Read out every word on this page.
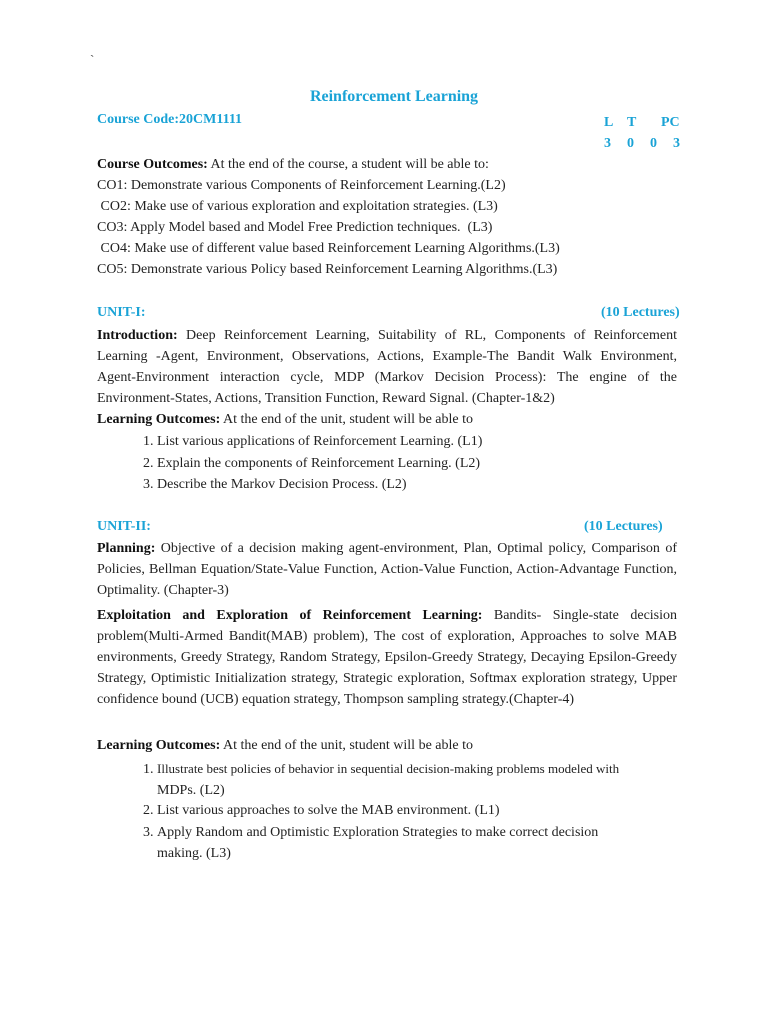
`
Reinforcement Learning
Course Code:20CM1111	L T PC
3 0 0 3
Course Outcomes: At the end of the course, a student will be able to:
CO1: Demonstrate various Components of Reinforcement Learning.(L2)
CO2: Make use of various exploration and exploitation strategies. (L3)
CO3: Apply Model based and Model Free Prediction techniques.  (L3)
CO4: Make use of different value based Reinforcement Learning Algorithms.(L3)
CO5: Demonstrate various Policy based Reinforcement Learning Algorithms.(L3)
UNIT-I:	(10 Lectures)
Introduction: Deep Reinforcement Learning, Suitability of RL, Components of Reinforcement Learning -Agent, Environment, Observations, Actions, Example-The Bandit Walk Environment, Agent-Environment interaction cycle, MDP (Markov Decision Process): The engine of the Environment-States, Actions, Transition Function, Reward Signal. (Chapter-1&2)
Learning Outcomes: At the end of the unit, student will be able to
1. List various applications of Reinforcement Learning. (L1)
2. Explain the components of Reinforcement Learning. (L2)
3. Describe the Markov Decision Process. (L2)
UNIT-II:	(10 Lectures)
Planning: Objective of a decision making agent-environment, Plan, Optimal policy, Comparison of Policies, Bellman Equation/State-Value Function, Action-Value Function, Action-Advantage Function, Optimality. (Chapter-3)
Exploitation and Exploration of Reinforcement Learning: Bandits- Single-state decision problem(Multi-Armed Bandit(MAB) problem), The cost of exploration, Approaches to solve MAB environments, Greedy Strategy, Random Strategy, Epsilon-Greedy Strategy, Decaying Epsilon-Greedy Strategy, Optimistic Initialization strategy, Strategic exploration, Softmax exploration strategy, Upper confidence bound (UCB) equation strategy, Thompson sampling strategy.(Chapter-4)
Learning Outcomes: At the end of the unit, student will be able to
1. Illustrate best policies of behavior in sequential decision-making problems modeled with
MDPs. (L2)
2. List various approaches to solve the MAB environment. (L1)
3. Apply Random and Optimistic Exploration Strategies to make correct decision
making. (L3)
